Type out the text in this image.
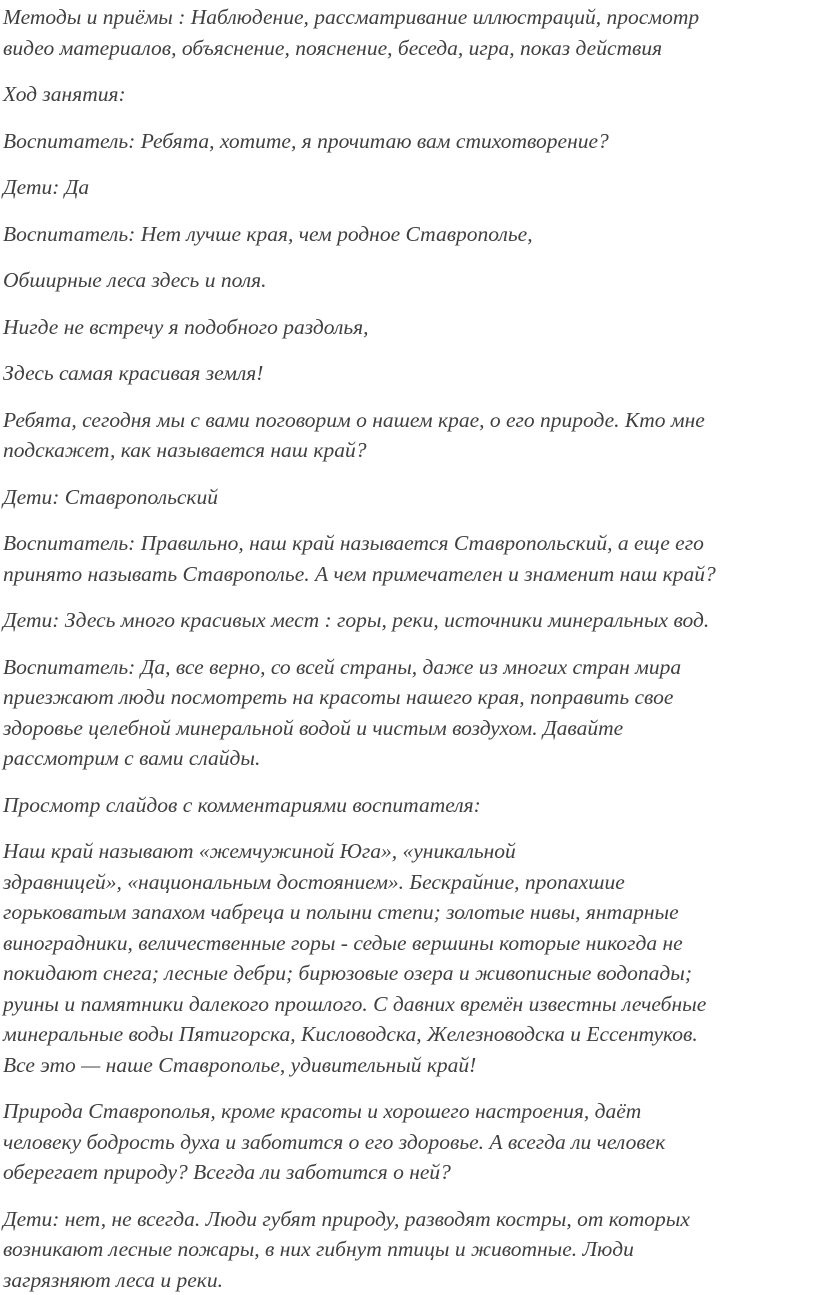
Методы и приёмы : Наблюдение, рассматривание иллюстраций, просмотр
видео материалов, объяснение, пояснение, беседа, игра, показ действия

Ход занятия:

Воспитатель: Ребята, хотите, я прочитаю вам стихотворение?

Дети: Да

Воспитатель: Нет лучше края, чем родное Ставрополье,

Обширные леса здесь и поля.

Нигде не встречу я подобного раздолья,

Здесь самая красивая земля!

Ребята, сегодня мы с вами поговорим о нашем крае, о его природе. Кто мне
подскажет, как называется наш край?

Дети: Ставропольский

Воспитатель: Правильно, наш край называется Ставропольский, а еще его
принято называть Ставрополье. А чем примечателен и знаменит наш край?

Дети: Здесь много красивых мест : горы, реки, источники минеральных вод.

Воспитатель: Да, все верно, со всей страны, даже из многих стран мира
приезжают люди посмотреть на красоты нашего края, поправить свое
здоровье целебной минеральной водой и чистым воздухом. Давайте
рассмотрим с вами слайды.

Просмотр слайдов с комментариями воспитателя:

Наш край называют «жемчужиной Юга», «уникальной
здравницей», «национальным достоянием». Бескрайние, пропахшие
горьковатым запахом чабреца и полыни степи; золотые нивы, янтарные
виноградники, величественные горы - седые вершины которые никогда не
покидают снега; лесные дебри; бирюзовые озера и живописные водопады;
руины и памятники далекого прошлого. С давних времён известны лечебные
минеральные воды Пятигорска, Кисловодска, Железноводска и Ессентуков.
Все это — наше Ставрополье, удивительный край!

Природа Ставрополья, кроме красоты и хорошего настроения, даёт
человеку бодрость духа и заботится о его здоровье. А всегда ли человек
оберегает природу? Всегда ли заботится о ней?

Дети: нет, не всегда. Люди губят природу, разводят костры, от которых
возникают лесные пожары, в них гибнут птицы и животные. Люди
загрязняют леса и реки.
